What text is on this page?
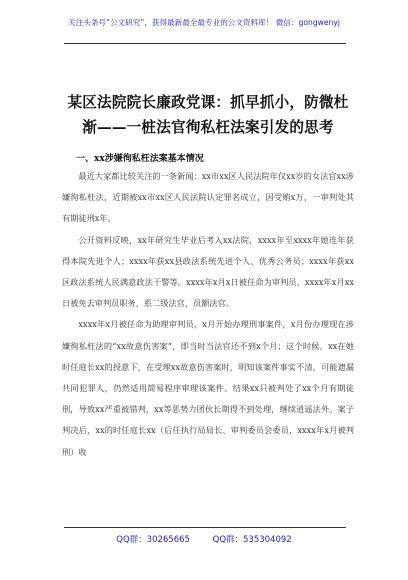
关注头条号“公文研究”，获得最新最全最专业的公文资料库！ 微信：gongwenyj
某区法院院长廉政党课：抓早抓小，防微杜渐——一桩法官徇私枉法案引发的思考
一、xx涉嫌徇私枉法案基本情况

最近大家都比较关注的一条新闻：xx市xx区人民法院年仅xx岁的女法官xx涉嫌徇私枉法，近期被xx市xx区人民法院认定罪名成立，因受贿x万，一审判处其有期徒刑x年。

公开资料反映，xx年研究生毕业后考入xx法院，xxxx年至xxxx年她连年获得本院先进个人；xxxx年获xx县政法系统先进个人、优秀公务员；xxxx年获xx区政法系统人民满意政法干警等。xxxx年x月x日被任命为审判员，xxxx年x月xx日被免去审判员职务，系二级法官，员额法官。

xxxx年x月被任命为助理审判员，x月开始办理刑事案件，x月份办理现在涉嫌徇私枉法的“xx故意伤害案”，即当时当法官还不到x个月；这个时候，xx在她时任庭长xx的授意下，在受理xx故意伤害案时，明知该案件事实不清，可能遗漏共同犯罪人，仍然适用简易程序审理该案件。结果xx只被判处了xx个月有期徒刑，导致xx严重被错判，xx等恶势力团伙长期得不到处理，继续逍遥法外。案子判决后，xx的时任庭长xx（后任执行局局长、审判委员会委员，xxxx年x月被判刑）收

QQ群：30265665	QQ群：535304092
